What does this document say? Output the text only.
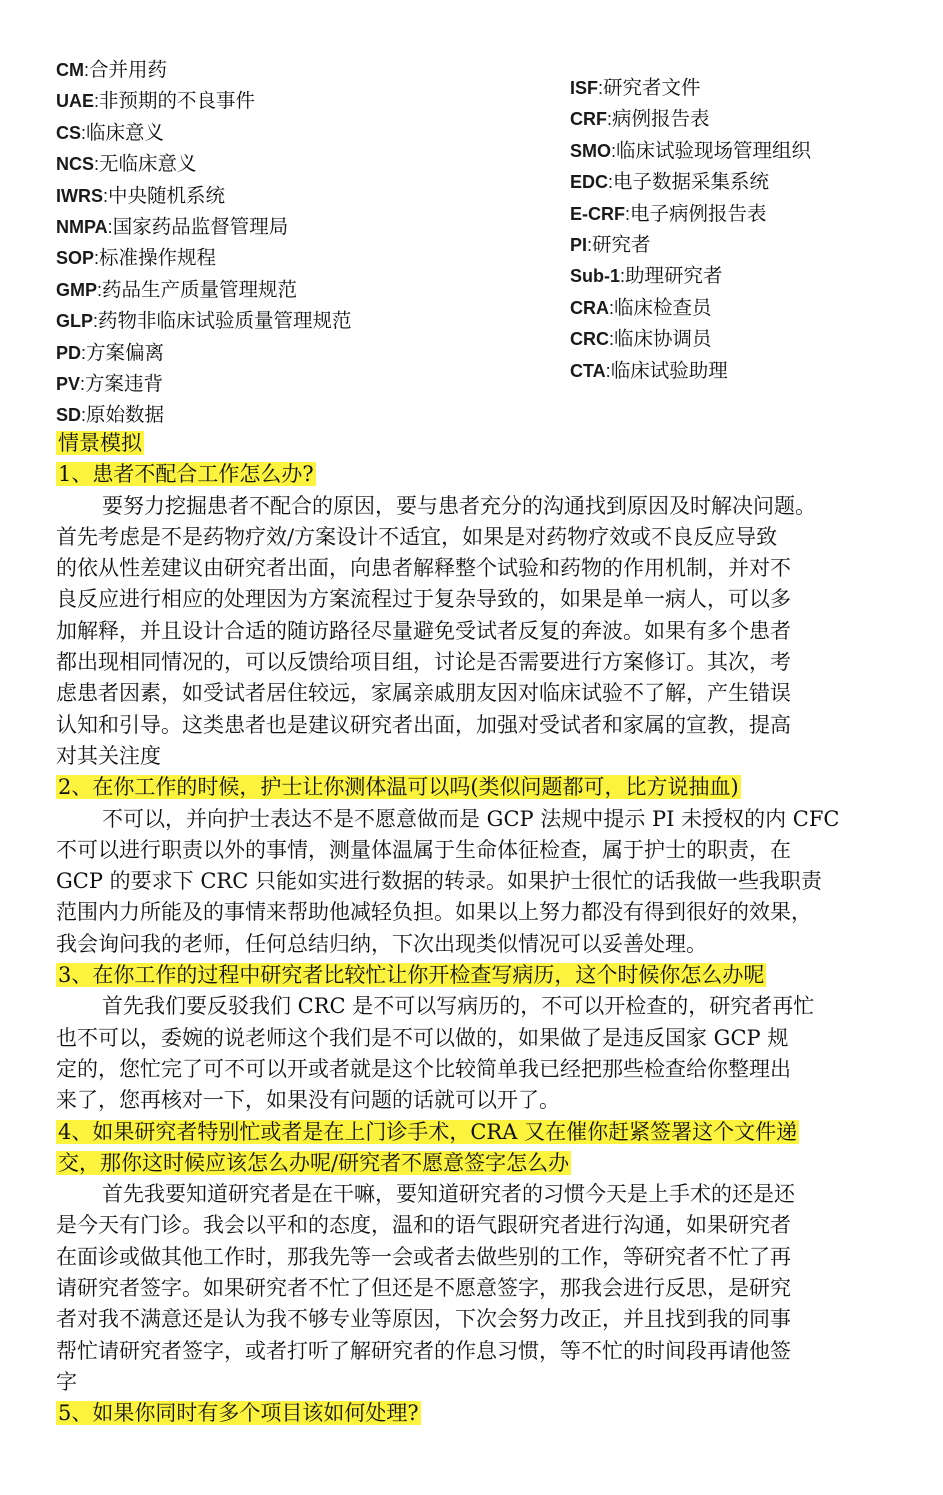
CM:合并用药
UAE:非预期的不良事件
CS:临床意义
NCS:无临床意义
IWRS:中央随机系统
NMPA:国家药品监督管理局
SOP:标准操作规程
GMP:药品生产质量管理规范
GLP:药物非临床试验质量管理规范
PD:方案偏离
PV:方案违背
SD:原始数据
ISF:研究者文件
CRF:病例报告表
SMO:临床试验现场管理组织
EDC:电子数据采集系统
E-CRF:电子病例报告表
PI:研究者
Sub-1:助理研究者
CRA:临床检查员
CRC:临床协调员
CTA:临床试验助理
情景模拟
1、患者不配合工作怎么办?
要努力挖掘患者不配合的原因，要与患者充分的沟通找到原因及时解决问题。
首先考虑是不是药物疗效/方案设计不适宜，如果是对药物疗效或不良反应导致
的依从性差建议由研究者出面，向患者解释整个试验和药物的作用机制，并对不
良反应进行相应的处理因为方案流程过于复杂导致的，如果是单一病人，可以多
加解释，并且设计合适的随访路径尽量避免受试者反复的奔波。如果有多个患者
都出现相同情况的，可以反馈给项目组，讨论是否需要进行方案修订。其次，考
虑患者因素，如受试者居住较远，家属亲戚朋友因对临床试验不了解，产生错误
认知和引导。这类患者也是建议研究者出面，加强对受试者和家属的宣教，提高
对其关注度
2、在你工作的时候，护士让你测体温可以吗(类似问题都可，比方说抽血)
不可以，并向护士表达不是不愿意做而是 GCP 法规中提示 PI 未授权的内 CFC
不可以进行职责以外的事情，测量体温属于生命体征检查，属于护士的职责，在
GCP 的要求下 CRC 只能如实进行数据的转录。如果护士很忙的话我做一些我职责
范围内力所能及的事情来帮助他减轻负担。如果以上努力都没有得到很好的效果，
我会询问我的老师，任何总结归纳，下次出现类似情况可以妥善处理。
3、在你工作的过程中研究者比较忙让你开检查写病历，这个时候你怎么办呢
首先我们要反驳我们 CRC 是不可以写病历的，不可以开检查的，研究者再忙
也不可以，委婉的说老师这个我们是不可以做的，如果做了是违反国家 GCP 规
定的，您忙完了可不可以开或者就是这个比较简单我已经把那些检查给你整理出
来了，您再核对一下，如果没有问题的话就可以开了。
4、如果研究者特别忙或者是在上门诊手术，CRA 又在催你赶紧签署这个文件递
交，那你这时候应该怎么办呢/研究者不愿意签字怎么办
首先我要知道研究者是在干嘛，要知道研究者的习惯今天是上手术的还是还
是今天有门诊。我会以平和的态度，温和的语气跟研究者进行沟通，如果研究者
在面诊或做其他工作时，那我先等一会或者去做些别的工作，等研究者不忙了再
请研究者签字。如果研究者不忙了但还是不愿意签字，那我会进行反思，是研究
者对我不满意还是认为我不够专业等原因，下次会努力改正，并且找到我的同事
帮忙请研究者签字，或者打听了解研究者的作息习惯，等不忙的时间段再请他签
字
5、如果你同时有多个项目该如何处理?
